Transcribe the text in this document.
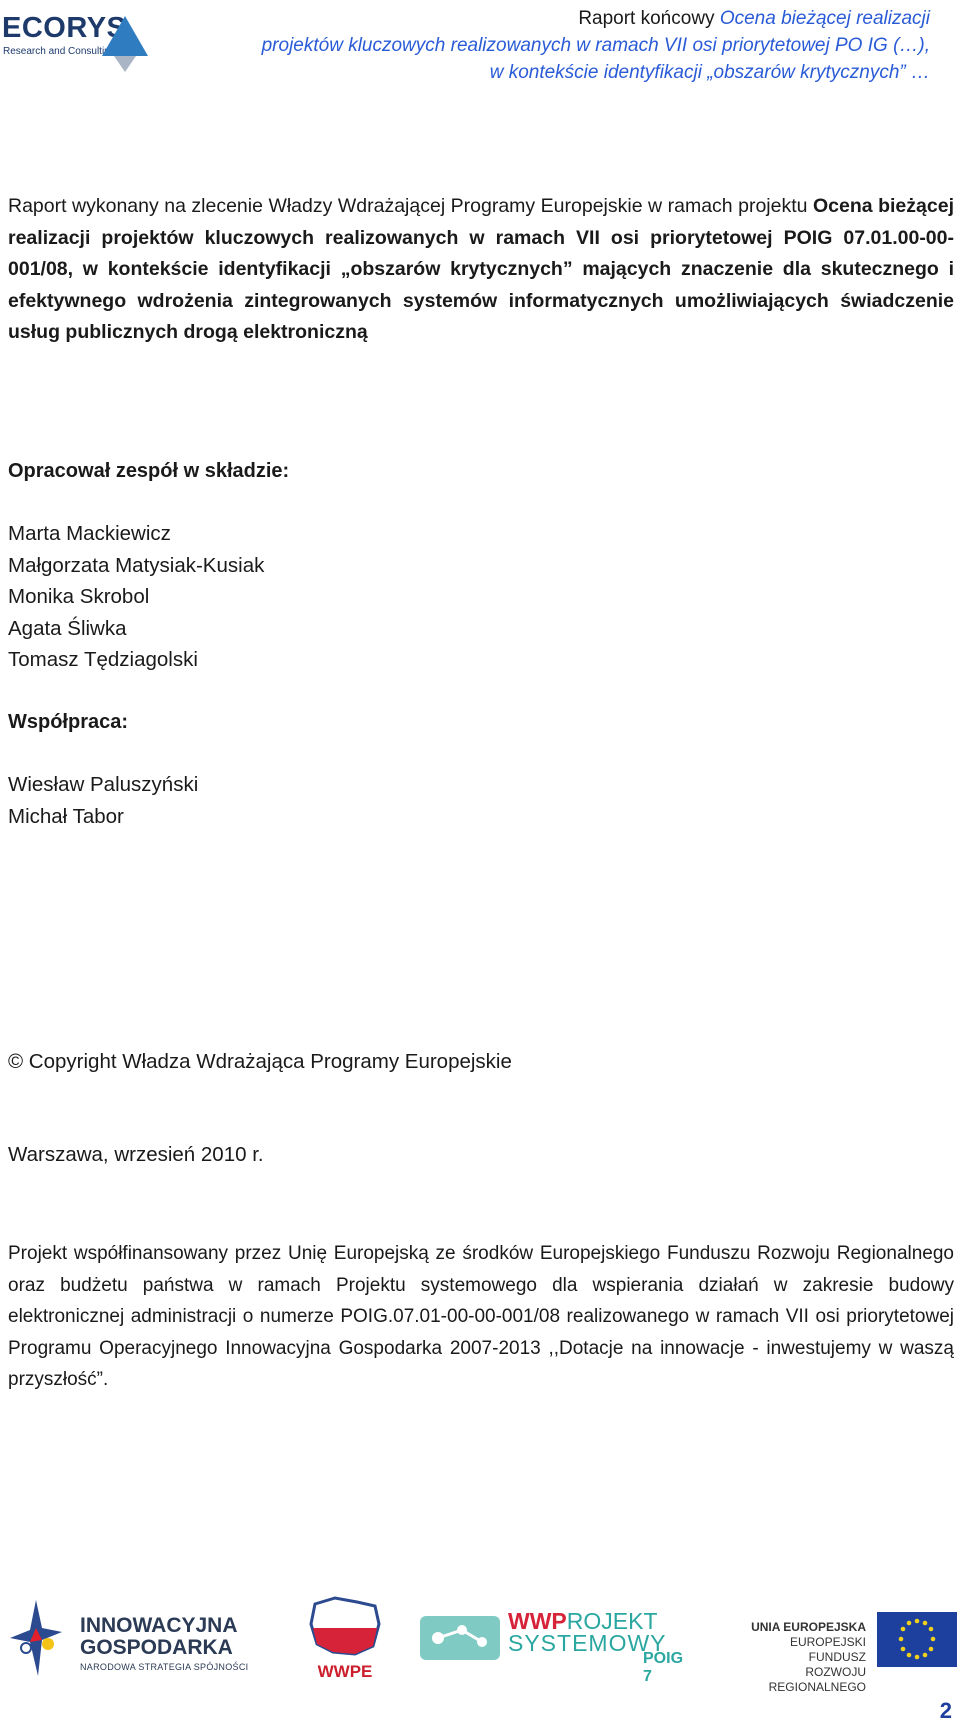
ECORYS
Research and Consulting
Raport końcowy Ocena bieżącej realizacji
projektów kluczowych realizowanych w ramach VII osi priorytetowej PO IG (…),
w kontekście identyfikacji „obszarów krytycznych” …
Raport wykonany na zlecenie Władzy Wdrażającej Programy Europejskie w ramach projektu Ocena bieżącej realizacji projektów kluczowych realizowanych w ramach VII osi priorytetowej POIG 07.01.00-00-001/08, w kontekście identyfikacji „obszarów krytycznych” mających znaczenie dla skutecznego i efektywnego wdrożenia zintegrowanych systemów informatycznych umożliwiających świadczenie usług publicznych drogą elektroniczną
Opracował zespół w składzie:
Marta Mackiewicz
Małgorzata Matysiak-Kusiak
Monika Skrobol
Agata Śliwka
Tomasz Tędziagolski
Współpraca:
Wiesław Paluszyński
Michał Tabor
© Copyright Władza Wdrażająca Programy Europejskie
Warszawa, wrzesień 2010 r.
Projekt współfinansowany przez Unię Europejską ze środków Europejskiego Funduszu Rozwoju Regionalnego oraz budżetu państwa w ramach Projektu systemowego dla wspierania działań w zakresie budowy elektronicznej administracji o numerze POIG.07.01-00-00-001/08 realizowanego w ramach VII osi priorytetowej Programu Operacyjnego Innowacyjna Gospodarka 2007-2013 ,,Dotacje na innowacje - inwestujemy w waszą przyszłość”.
INNOWACYJNA
GOSPODARKA
NARODOWA STRATEGIA SPÓJNOŚCI	WWPE
WWPROJEKT
SYSTEMOWY
POIG 7
UNIA EUROPEJSKA
EUROPEJSKI FUNDUSZ
ROZWOJU REGIONALNEGO
2
